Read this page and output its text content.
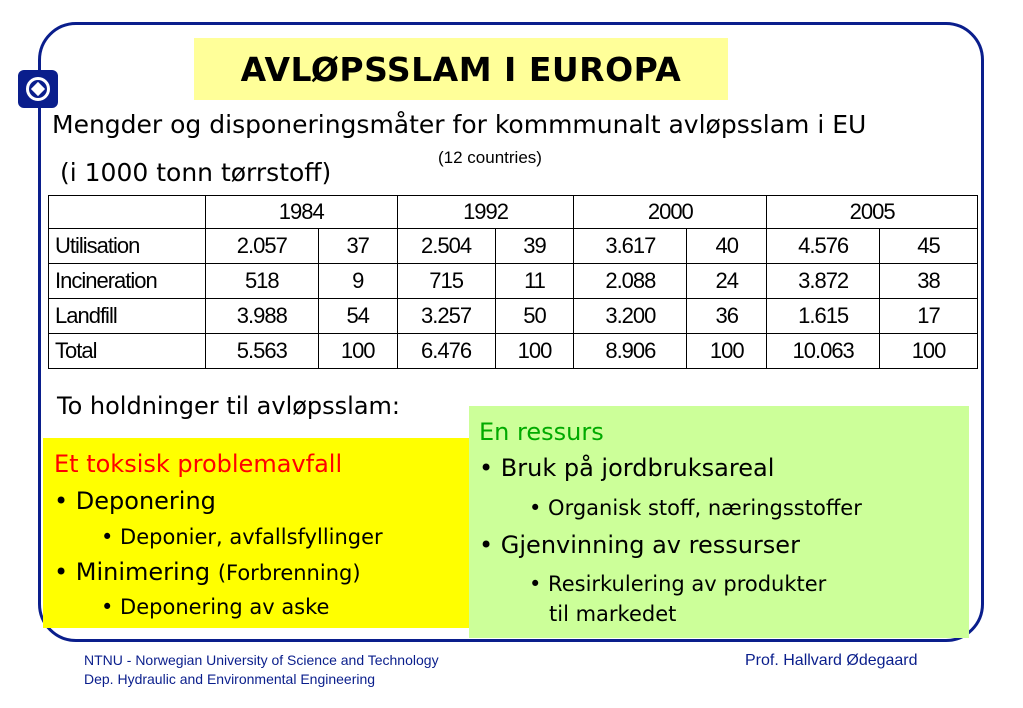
AVLØPSSLAM I EUROPA
Mengder og disponeringsmåter for kommmunalt avløpsslam i EU
(12 countries)
(i 1000 tonn tørrstoff)
	1984		1992		2000		2005	
Utilisation	2.057	37	2.504	39	3.617	40	4.576	45
Incineration	518	9	715	11	2.088	24	3.872	38
Landfill	3.988	54	3.257	50	3.200	36	1.615	17
Total	5.563	100	6.476	100	8.906	100	10.063	100
To holdninger til avløpsslam:
Et toksisk problemavfall
• Deponering
• Deponier, avfallsfyllinger
• Minimering (Forbrenning)
• Deponering av aske
En ressurs
• Bruk på jordbruksareal
• Organisk stoff, næringsstoffer
• Gjenvinning av ressurser
• Resirkulering av produkter
til markedet
NTNU - Norwegian University of Science and Technology
Dep. Hydraulic and Environmental Engineering
Prof. Hallvard Ødegaard
